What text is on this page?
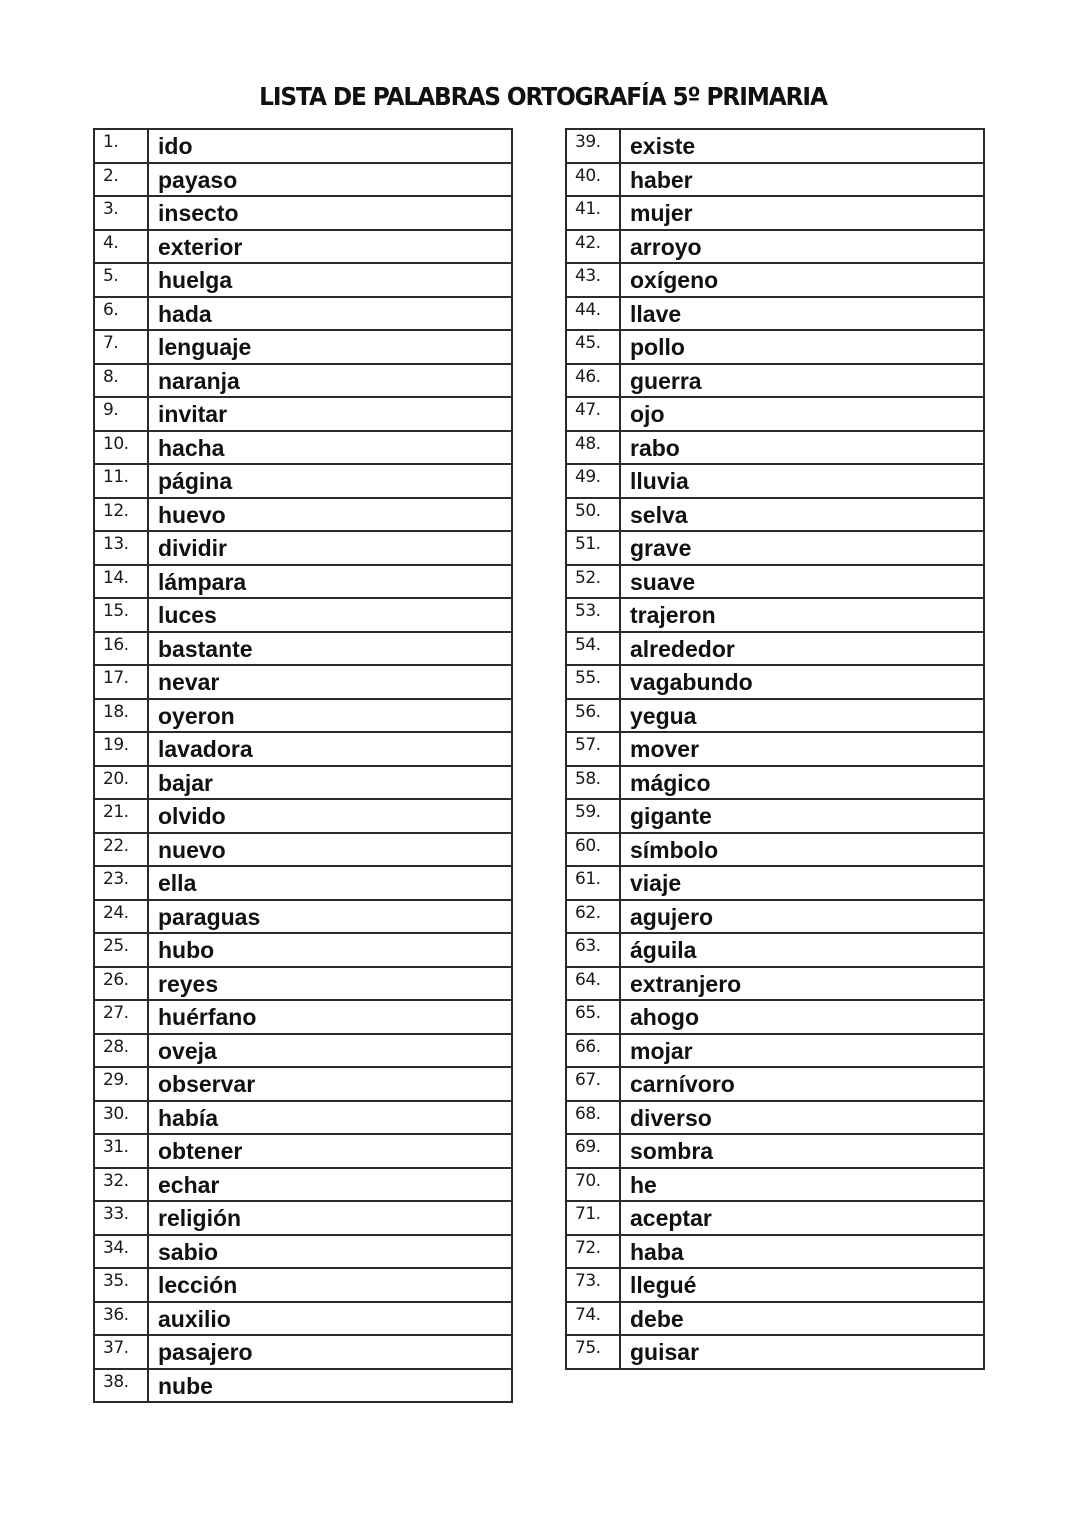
LISTA DE PALABRAS ORTOGRAFÍA 5º PRIMARIA
1.	ido
2.	payaso
3.	insecto
4.	exterior
5.	huelga
6.	hada
7.	lenguaje
8.	naranja
9.	invitar
10.	hacha
11.	página
12.	huevo
13.	dividir
14.	lámpara
15.	luces
16.	bastante
17.	nevar
18.	oyeron
19.	lavadora
20.	bajar
21.	olvido
22.	nuevo
23.	ella
24.	paraguas
25.	hubo
26.	reyes
27.	huérfano
28.	oveja
29.	observar
30.	había
31.	obtener
32.	echar
33.	religión
34.	sabio
35.	lección
36.	auxilio
37.	pasajero
38.	nube
39.	existe
40.	haber
41.	mujer
42.	arroyo
43.	oxígeno
44.	llave
45.	pollo
46.	guerra
47.	ojo
48.	rabo
49.	lluvia
50.	selva
51.	grave
52.	suave
53.	trajeron
54.	alrededor
55.	vagabundo
56.	yegua
57.	mover
58.	mágico
59.	gigante
60.	símbolo
61.	viaje
62.	agujero
63.	águila
64.	extranjero
65.	ahogo
66.	mojar
67.	carnívoro
68.	diverso
69.	sombra
70.	he
71.	aceptar
72.	haba
73.	llegué
74.	debe
75.	guisar
